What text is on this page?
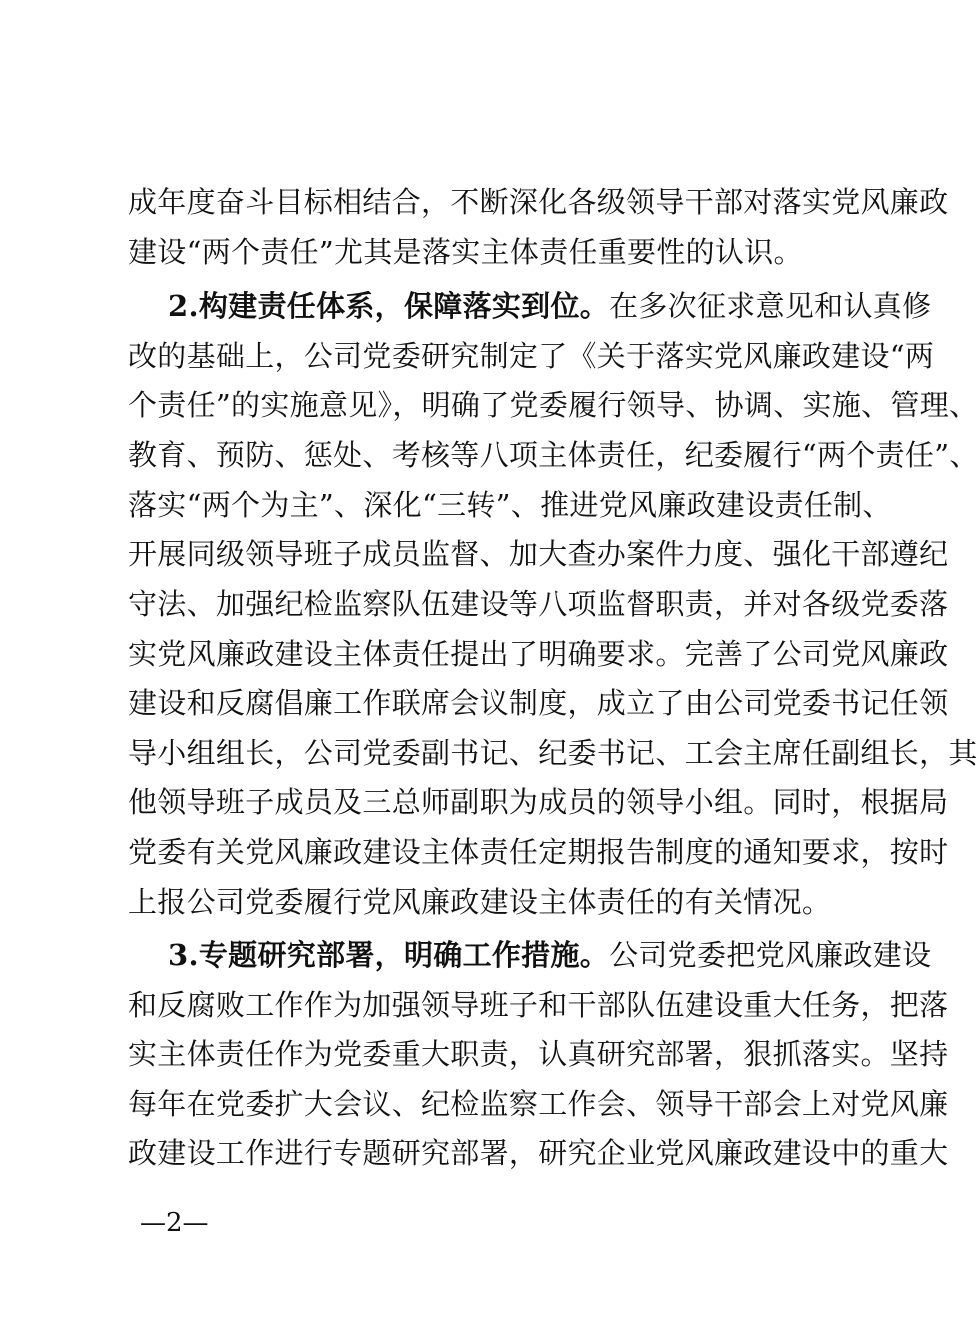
成年度奋斗目标相结合，不断深化各级领导干部对落实党风廉政
建设“两个责任”尤其是落实主体责任重要性的认识。
2.构建责任体系，保障落实到位。在多次征求意见和认真修
改的基础上，公司党委研究制定了《关于落实党风廉政建设“两
个责任”的实施意见》，明确了党委履行领导、协调、实施、管理、
教育、预防、惩处、考核等八项主体责任，纪委履行“两个责任”、
落实“两个为主”、深化“三转”、推进党风廉政建设责任制、
开展同级领导班子成员监督、加大查办案件力度、强化干部遵纪
守法、加强纪检监察队伍建设等八项监督职责，并对各级党委落
实党风廉政建设主体责任提出了明确要求。完善了公司党风廉政
建设和反腐倡廉工作联席会议制度，成立了由公司党委书记任领
导小组组长，公司党委副书记、纪委书记、工会主席任副组长，其
他领导班子成员及三总师副职为成员的领导小组。同时，根据局
党委有关党风廉政建设主体责任定期报告制度的通知要求，按时
上报公司党委履行党风廉政建设主体责任的有关情况。
3.专题研究部署，明确工作措施。公司党委把党风廉政建设
和反腐败工作作为加强领导班子和干部队伍建设重大任务，把落
实主体责任作为党委重大职责，认真研究部署，狠抓落实。坚持
每年在党委扩大会议、纪检监察工作会、领导干部会上对党风廉
政建设工作进行专题研究部署，研究企业党风廉政建设中的重大
—2—
